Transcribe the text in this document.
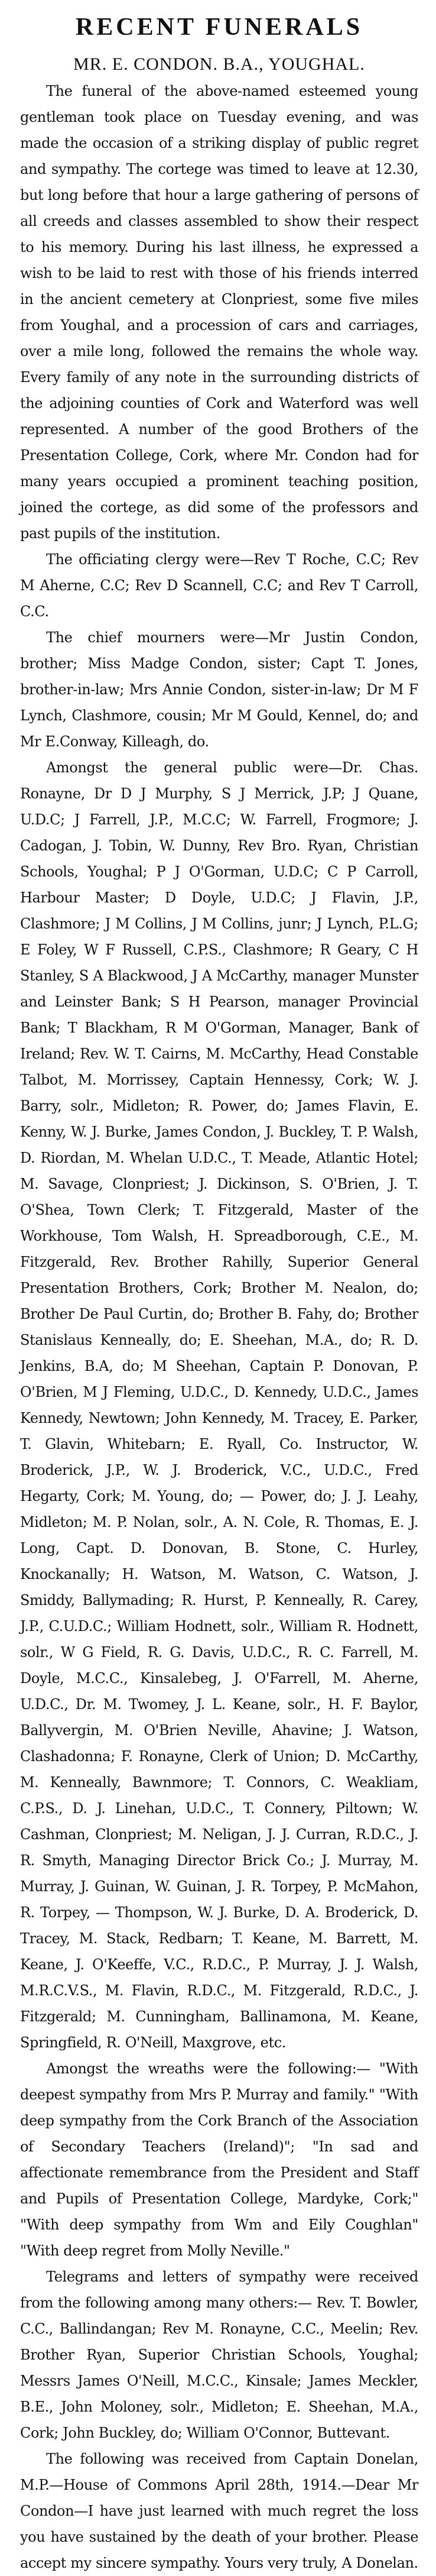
RECENT FUNERALS
MR. E. CONDON. B.A., YOUGHAL.

The funeral of the above-named esteemed young gentleman took place on Tuesday evening, and was made the occasion of a striking display of public regret and sympathy. The cortege was timed to leave at 12.30, but long before that hour a large gathering of persons of all creeds and classes assembled to show their respect to his memory. During his last illness, he expressed a wish to be laid to rest with those of his friends interred in the ancient cemetery at Clonpriest, some five miles from Youghal, and a procession of cars and carriages, over a mile long, followed the remains the whole way. Every family of any note in the surrounding districts of the adjoining counties of Cork and Waterford was well represented. A number of the good Brothers of the Presentation College, Cork, where Mr. Condon had for many years occupied a prominent teaching position, joined the cortege, as did some of the professors and past pupils of the institution.

The officiating clergy were—Rev T Roche, C.C; Rev M Aherne, C.C; Rev D Scannell, C.C; and Rev T Carroll, C.C.

The chief mourners were—Mr Justin Condon, brother; Miss Madge Condon, sister; Capt T. Jones, brother-in-law; Mrs Annie Condon, sister-in-law; Dr M F Lynch, Clashmore, cousin; Mr M Gould, Kennel, do; and Mr E.Conway, Killeagh, do.

Amongst the general public were—Dr. Chas. Ronayne, Dr D J Murphy, S J Merrick, J.P; J Quane, U.D.C; J Farrell, J.P., M.C.C; W. Farrell, Frogmore; J. Cadogan, J. Tobin, W. Dunny, Rev Bro. Ryan, Christian Schools, Youghal; P J O'Gorman, U.D.C; C P Carroll, Harbour Master; D Doyle, U.D.C; J Flavin, J.P., Clashmore; J M Collins, J M Collins, junr; J Lynch, P.L.G; E Foley, W F Russell, C.P.S., Clashmore; R Geary, C H Stanley, S A Blackwood, J A McCarthy, manager Munster and Leinster Bank; S H Pearson, manager Provincial Bank; T Blackham, R M O'Gorman, Manager, Bank of Ireland; Rev. W. T. Cairns, M. McCarthy, Head Constable Talbot, M. Morrissey, Captain Hennessy, Cork; W. J. Barry, solr., Midleton; R. Power, do; James Flavin, E. Kenny, W. J. Burke, James Condon, J. Buckley, T. P. Walsh, D. Riordan, M. Whelan U.D.C., T. Meade, Atlantic Hotel; M. Savage, Clonpriest; J. Dickinson, S. O'Brien, J. T. O'Shea, Town Clerk; T. Fitzgerald, Master of the Workhouse, Tom Walsh, H. Spreadborough, C.E., M. Fitzgerald, Rev. Brother Rahilly, Superior General Presentation Brothers, Cork; Brother M. Nealon, do; Brother De Paul Curtin, do; Brother B. Fahy, do; Brother Stanislaus Kenneally, do; E. Sheehan, M.A., do; R. D. Jenkins, B.A, do; M Sheehan, Captain P. Donovan, P. O'Brien, M J Fleming, U.D.C., D. Kennedy, U.D.C., James Kennedy, Newtown; John Kennedy, M. Tracey, E. Parker, T. Glavin, Whitebarn; E. Ryall, Co. Instructor, W. Broderick, J.P., W. J. Broderick, V.C., U.D.C., Fred Hegarty, Cork; M. Young, do; — Power, do; J. J. Leahy, Midleton; M. P. Nolan, solr., A. N. Cole, R. Thomas, E. J. Long, Capt. D. Donovan, B. Stone, C. Hurley, Knockanally; H. Watson, M. Watson, C. Watson, J. Smiddy, Ballymading; R. Hurst, P. Kenneally, R. Carey, J.P., C.U.D.C.; William Hodnett, solr., William R. Hodnett, solr., W G Field, R. G. Davis, U.D.C., R. C. Farrell, M. Doyle, M.C.C., Kinsalebeg, J. O'Farrell, M. Aherne, U.D.C., Dr. M. Twomey, J. L. Keane, solr., H. F. Baylor, Ballyvergin, M. O'Brien Neville, Ahavine; J. Watson, Clashadonna; F. Ronayne, Clerk of Union; D. McCarthy, M. Kenneally, Bawnmore; T. Connors, C. Weakliam, C.P.S., D. J. Linehan, U.D.C., T. Connery, Piltown; W. Cashman, Clonpriest; M. Neligan, J. J. Curran, R.D.C., J. R. Smyth, Managing Director Brick Co.; J. Murray, M. Murray, J. Guinan, W. Guinan, J. R. Torpey, P. McMahon, R. Torpey, — Thompson, W. J. Burke, D. A. Broderick, D. Tracey, M. Stack, Redbarn; T. Keane, M. Barrett, M. Keane, J. O'Keeffe, V.C., R.D.C., P. Murray, J. J. Walsh, M.R.C.V.S., M. Flavin, R.D.C., M. Fitzgerald, R.D.C., J. Fitzgerald; M. Cunningham, Ballinamona, M. Keane, Springfield, R. O'Neill, Maxgrove, etc.

Amongst the wreaths were the following:— "With deepest sympathy from Mrs P. Murray and family." "With deep sympathy from the Cork Branch of the Association of Secondary Teachers (Ireland)"; "In sad and affectionate remembrance from the President and Staff and Pupils of Presentation College, Mardyke, Cork;" "With deep sympathy from Wm and Eily Coughlan" "With deep regret from Molly Neville."

Telegrams and letters of sympathy were received from the following among many others:— Rev. T. Bowler, C.C., Ballindangan; Rev M. Ronayne, C.C., Meelin; Rev. Brother Ryan, Superior Christian Schools, Youghal; Messrs James O'Neill, M.C.C., Kinsale; James Meckler, B.E., John Moloney, solr., Midleton; E. Sheehan, M.A., Cork; John Buckley, do; William O'Connor, Buttevant.

The following was received from Captain Donelan, M.P.—House of Commons April 28th, 1914.—Dear Mr Condon—I have just learned with much regret the loss you have sustained by the death of your brother. Please accept my sincere sympathy. Yours very truly, A Donelan.
